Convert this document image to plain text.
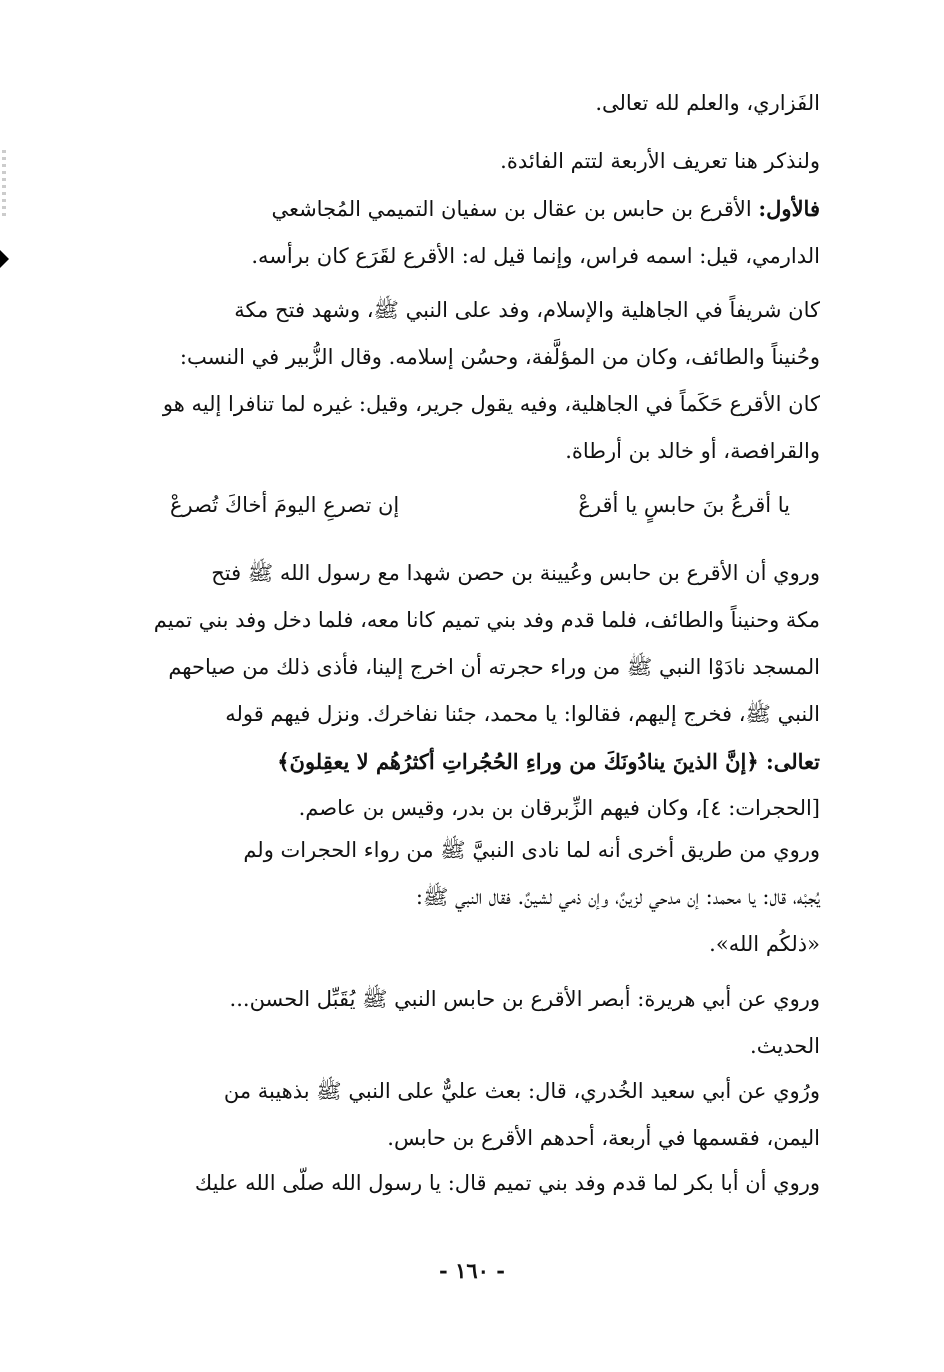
الفَزاري، والعلم لله تعالى.
ولنذكر هنا تعريف الأربعة لتتم الفائدة.
فالأول: الأقرع بن حابس بن عقال بن سفيان التميمي المُجاشعي
الدارمي، قيل: اسمه فراس، وإنما قيل له: الأقرع لقَرَع كان برأسه.
كان شريفاً في الجاهلية والإسلام، وفد على النبي ﷺ، وشهد فتح مكة
وحُنيناً والطائف، وكان من المؤلَّفة، وحسُن إسلامه. وقال الزُّبير في النسب:
كان الأقرع حَكَماً في الجاهلية، وفيه يقول جرير، وقيل: غيره لما تنافرا إليه هو
والقرافصة، أو خالد بن أرطاة.
وروي أن الأقرع بن حابس وعُيينة بن حصن شهدا مع رسول الله ﷺ فتح
مكة وحنيناً والطائف، فلما قدم وفد بني تميم كانا معه، فلما دخل وفد بني تميم
المسجد نادَوْا النبي ﷺ من وراء حجرته أن اخرج إلينا، فأذى ذلك من صياحهم
النبي ﷺ، فخرج إليهم، فقالوا: يا محمد، جئنا نفاخرك. ونزل فيهم قوله
تعالى: ﴿إنَّ الذينَ ينادُونَكَ من وراءِ الحُجُراتِ أكثرُهُم لا يعقِلونَ﴾
[الحجرات: ٤]، وكان فيهم الزِّبرقان بن بدر، وقيس بن عاصم.
وروي من طريق أخرى أنه لما نادى النبيَّ ﷺ من رواء الحجرات ولم
يُجبْه، قال: يا محمد: إن مدحي لزينٌ، وإن ذمي لشينٌ. فقال النبي ﷺ:
«ذلكُم الله».
وروي عن أبي هريرة: أبصر الأقرع بن حابس النبي ﷺ يُقَبِّل الحسن...
الحديث.
ورُوي عن أبي سعيد الخُدري، قال: بعث عليٌّ على النبي ﷺ بذهيبة من
اليمن، فقسمها في أربعة، أحدهم الأقرع بن حابس.
وروي أن أبا بكر لما قدم وفد بني تميم قال: يا رسول الله صلّى الله عليك
يا أقرعُ بنَ حابسٍ يا أقرعْ
إن تصرعِ اليومَ أخاكَ تُصرعْ
- ١٦٠ -
